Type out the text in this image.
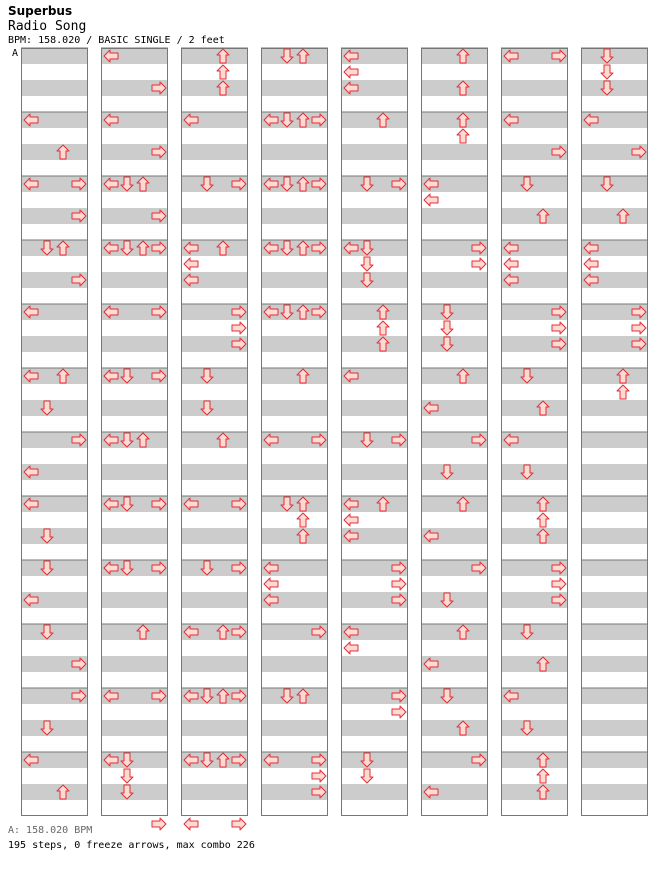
Superbus
Radio Song
BPM: 158.020 / BASIC SINGLE / 2 feet
A
A: 158.020 BPM
195 steps, 0 freeze arrows, max combo 226
